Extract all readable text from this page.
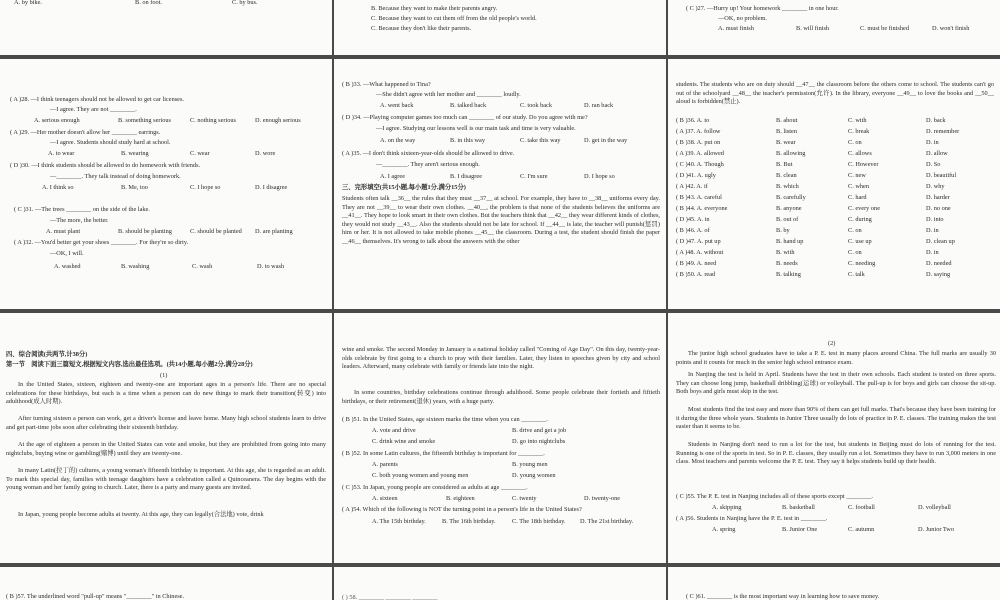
A. by bike.	B. on foot.	C. by bus.
B. Because they want to make their parents angry.
C. Because they want to cut them off from the old people's world.
C. Because they don't like their parents.
( C )27. —Hurry up! Your homework ________ in one hour.
—OK, no problem.
A. must finish	B. will finish	C. must be finished	D. won't finish
( A )28. —I think teenagers should not be allowed to get car licenses.
—I agree. They are not ________.
A. serious enough	B. something serious	C. nothing serious	D. enough serious
( A )29. —Her mother doesn't allow her ________ earrings.
—I agree. Students should study hard at school.
A. to wear	B. wearing	C. wear	D. wore
( D )30. —I think students should be allowed to do homework with friends.
—________. They talk instead of doing homework.
A. I think so	B. Me, too	C. I hope so	D. I disagree
( C )31. —The trees ________ on the side of the lake.
—The more, the better.
A. must plant	B. should be planting	C. should be planted D. are planting
( A )32. —You'd better get your shoes ________. For they're so dirty.
—OK, I will.
A. washed	B. washing	C. wash	D. to wash
( B )33. —What happened to Tina?
—She didn't agree with her mother and ________ loudly.
A. went back	B. talked back	C. took back	D. ran back
( D )34. —Playing computer games too much can ________ of our study. Do you agree with me?
—I agree. Studying our lessons well is our main task and time is very valuable.
A. on the way	B. in this way	C. take this way	D. get in the way
( A )35. —I don't think sixteen-year-olds should be allowed to drive.
—________. They aren't serious enough.
A. I agree	B. I disagree	C. I'm sure	D. I hope so
三、完形填空(共15小题,每小题1分,满分15分)
Students often talk __36__ the rules that they must __37__ at school. For example, they have to __38__ uniforms every day. They are not __39__ to wear their own clothes. __40__, the problem is that none of the students believes the uniforms are __41__. They hope to look smart in their own clothes. But the teachers think that __42__ they wear different kinds of clothes, they would not study __43__. Also the students should not be late for school. If __44__ is late, the teacher will punish(惩罚) him or her. It is not allowed to take mobile phones __45__ the classroom. During a test, the student should finish the paper __46__ themselves. It's wrong to talk about the answers with the other
students. The students who are on duty should __47__ the classroom before the others come to school. The students can't go out of the schoolyard __48__ the teacher's permission(允许). In the library, everyone __49__ to love the books and __50__ aloud is forbidden(禁止).
( B )36. A. to	B. about	C. with	D. back
( A )37. A. follow	B. listen	C. break	D. remember
( B )38. A. put on	B. wear	C. on	D. in
( A )39. A. allowed	B. allowing	C. allows	D. allow
( C )40. A. Though	B. But	C. However	D. So
( D )41. A. ugly	B. clean	C. new	D. beautiful
( A )42. A. if	B. which	C. when	D. why
( B )43. A. careful	B. carefully	C. hard	D. harder
( B )44. A. everyone	B. anyone	C. every one	D. no one
( D )45. A. in	B. out of	C. during	D. into
( B )46. A. of	B. by	C. on	D. in
( D )47. A. put up	B. hand up	C. use up	D. clean up
( A )48. A. without	B. with	C. on	D. in
( B )49. A. need	B. needs	C. needing	D. needed
( B )50. A. read	B. talking	C. talk	D. saying
四、综合阅读(共两节,计38分)
第一节　阅读下面三篇短文,根据短文内容,选出最佳选项。(共14小题,每小题2分,满分28分)
(1)
In the United States, sixteen, eighteen and twenty-one are important ages in a person's life. There are no special celebrations for these birthdays, but each is a time when a person can do new things to mark their transition(转变) into adulthood(成人时期).
After turning sixteen a person can work, get a driver's license and leave home. Many high school students learn to drive and get part-time jobs soon after celebrating their sixteenth birthday.
At the age of eighteen a person in the United States can vote and smoke, but they are prohibited from going into many nightclubs, buying wine or gambling(赌博) until they are twenty-one.
In many Latin(拉丁的) cultures, a young woman's fifteenth birthday is important. At this age, she is regarded as an adult. To mark this special day, families with teenage daughters have a celebration called a Quinceanera. The day begins with the young woman and her family going to church. Later, there is a party and many guests are invited.
In Japan, young people become adults at twenty. At this age, they can legally(合法地) vote, drink
wine and smoke. The second Monday in January is a national holiday called "Coming of Age Day". On this day, twenty-year-olds celebrate by first going to a church to pray with their families. Later, they listen to speeches given by city and school leaders. Afterward, many celebrate with family or friends late into the night.
In some countries, birthday celebrations continue through adulthood. Some people celebrate their fortieth and fiftieth birthdays, or their retirement(退休) years, with a huge party.
( B )51. In the United States, age sixteen marks the time when you can ________.
A. vote and drive	B. drive and get a job
C. drink wine and smoke	D. go into nightclubs
( B )52. In some Latin cultures, the fifteenth birthday is important for ________.
A. parents	B. young men
C. both young women and young men	D. young women
( C )53. In Japan, young people are considered as adults at age ________.
A. sixteen	B. eighteen	C. twenty	D. twenty-one
( A )54. Which of the following is NOT the turning point in a person's life in the United States?
A. The 15th birthday.	B. The 16th birthday.	C. The 18th birthday. D. The 21st birthday.
(2)
The junior high school graduates have to take a P. E. test in many places around China. The full marks are usually 30 points and it counts for much in the senior high school entrance exam.
In Nanjing the test is held in April. Students have the test in their own schools. Each student is tested on three sports. They can choose long jump, basketball dribbling(运球) or volleyball. The pull-up is for boys and girls can choose the sit-up. Both boys and girls must skip in the test.
Most students find the test easy and more than 90% of them can get full marks. That's because they have been training for it during the three whole years. Students in Junior Three usually do lots of practice in P. E. classes. The training makes the test easier than it seems to be.
Students in Nanjing don't need to run a lot for the test, but students in Beijing must do lots of running for the test. Running is one of the sports in test. So in P. E. classes, they usually run a lot. Sometimes they have to run 3,000 meters in one class. Most teachers and parents welcome the P. E. test. They say it helps students build up their health.
( C )55. The P. E. test in Nanjing includes all of these sports except ________.
A. skipping	B. basketball	C. football	D. volleyball
( A )56. Students in Nanjing have the P. E. test in ________.
A. spring	B. Junior One	C. autumn	D. Junior Two
( B )57. The underlined word "pull-up" means "________" in Chinese.	( ) 58. ________ ________ ________	( C )61. ________ is the most important way in learning how to save money.
